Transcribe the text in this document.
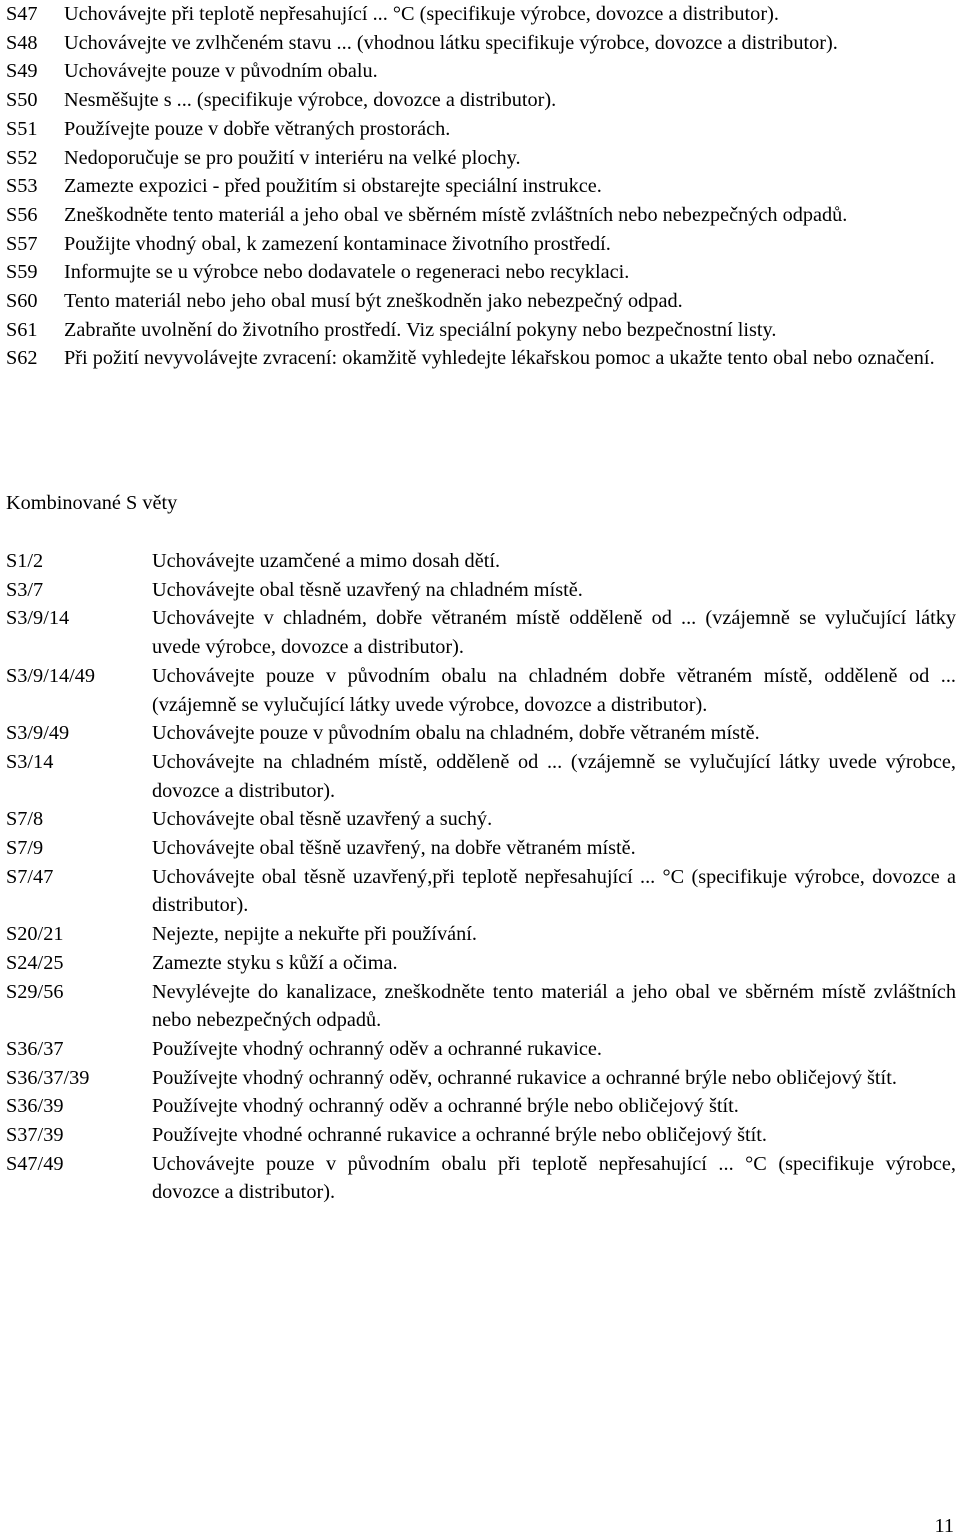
S47	Uchovávejte při teplotě nepřesahující ... °C (specifikuje výrobce, dovozce a distributor).
S48	Uchovávejte ve zvlhčeném stavu ... (vhodnou látku specifikuje výrobce, dovozce a distributor).
S49	Uchovávejte pouze v původním obalu.
S50	Nesměšujte s ... (specifikuje výrobce, dovozce a distributor).
S51	Používejte pouze v dobře větraných prostorách.
S52	Nedoporučuje se pro použití v interiéru na velké plochy.
S53	Zamezte expozici - před použitím si obstarejte speciální instrukce.
S56	Zneškodněte tento materiál a jeho obal ve sběrném místě zvláštních nebo nebezpečných odpadů.
S57	Použijte vhodný obal, k zamezení kontaminace životního prostředí.
S59	Informujte se u výrobce nebo dodavatele o regeneraci nebo recyklaci.
S60	Tento materiál nebo jeho obal musí být zneškodněn jako nebezpečný odpad.
S61	Zabraňte uvolnění do životního prostředí. Viz speciální pokyny nebo bezpečnostní listy.
S62	Při požití nevyvolávejte zvracení: okamžitě vyhledejte lékařskou pomoc a ukažte tento obal nebo označení.
Kombinované S věty
S1/2	Uchovávejte uzamčené a mimo dosah dětí.
S3/7	Uchovávejte obal těsně uzavřený na chladném místě.
S3/9/14	Uchovávejte v chladném, dobře větraném místě odděleně od ... (vzájemně se vylučující látky uvede výrobce, dovozce a distributor).
S3/9/14/49	Uchovávejte pouze v původním obalu na chladném dobře větraném místě, odděleně od ... (vzájemně se vylučující látky uvede výrobce, dovozce a distributor).
S3/9/49	Uchovávejte pouze v původním obalu na chladném, dobře větraném místě.
S3/14	Uchovávejte na chladném místě, odděleně od ... (vzájemně se vylučující látky uvede výrobce, dovozce a distributor).
S7/8	Uchovávejte obal těsně uzavřený a suchý.
S7/9	Uchovávejte obal těšně uzavřený, na dobře větraném místě.
S7/47	Uchovávejte obal těsně uzavřený,při teplotě nepřesahující ... °C (specifikuje výrobce, dovozce a distributor).
S20/21	Nejezte, nepijte a nekuřte při používání.
S24/25	Zamezte styku s kůží a očima.
S29/56	Nevylévejte do kanalizace, zneškodněte tento materiál a jeho obal ve sběrném místě zvláštních nebo nebezpečných odpadů.
S36/37	Používejte vhodný ochranný oděv a ochranné rukavice.
S36/37/39	Používejte vhodný ochranný oděv, ochranné rukavice a ochranné brýle nebo obličejový štít.
S36/39	Používejte vhodný ochranný oděv a ochranné brýle nebo obličejový štít.
S37/39	Používejte vhodné ochranné rukavice a ochranné brýle nebo obličejový štít.
S47/49	Uchovávejte pouze v původním obalu při teplotě nepřesahující ... °C (specifikuje výrobce, dovozce a distributor).
11
